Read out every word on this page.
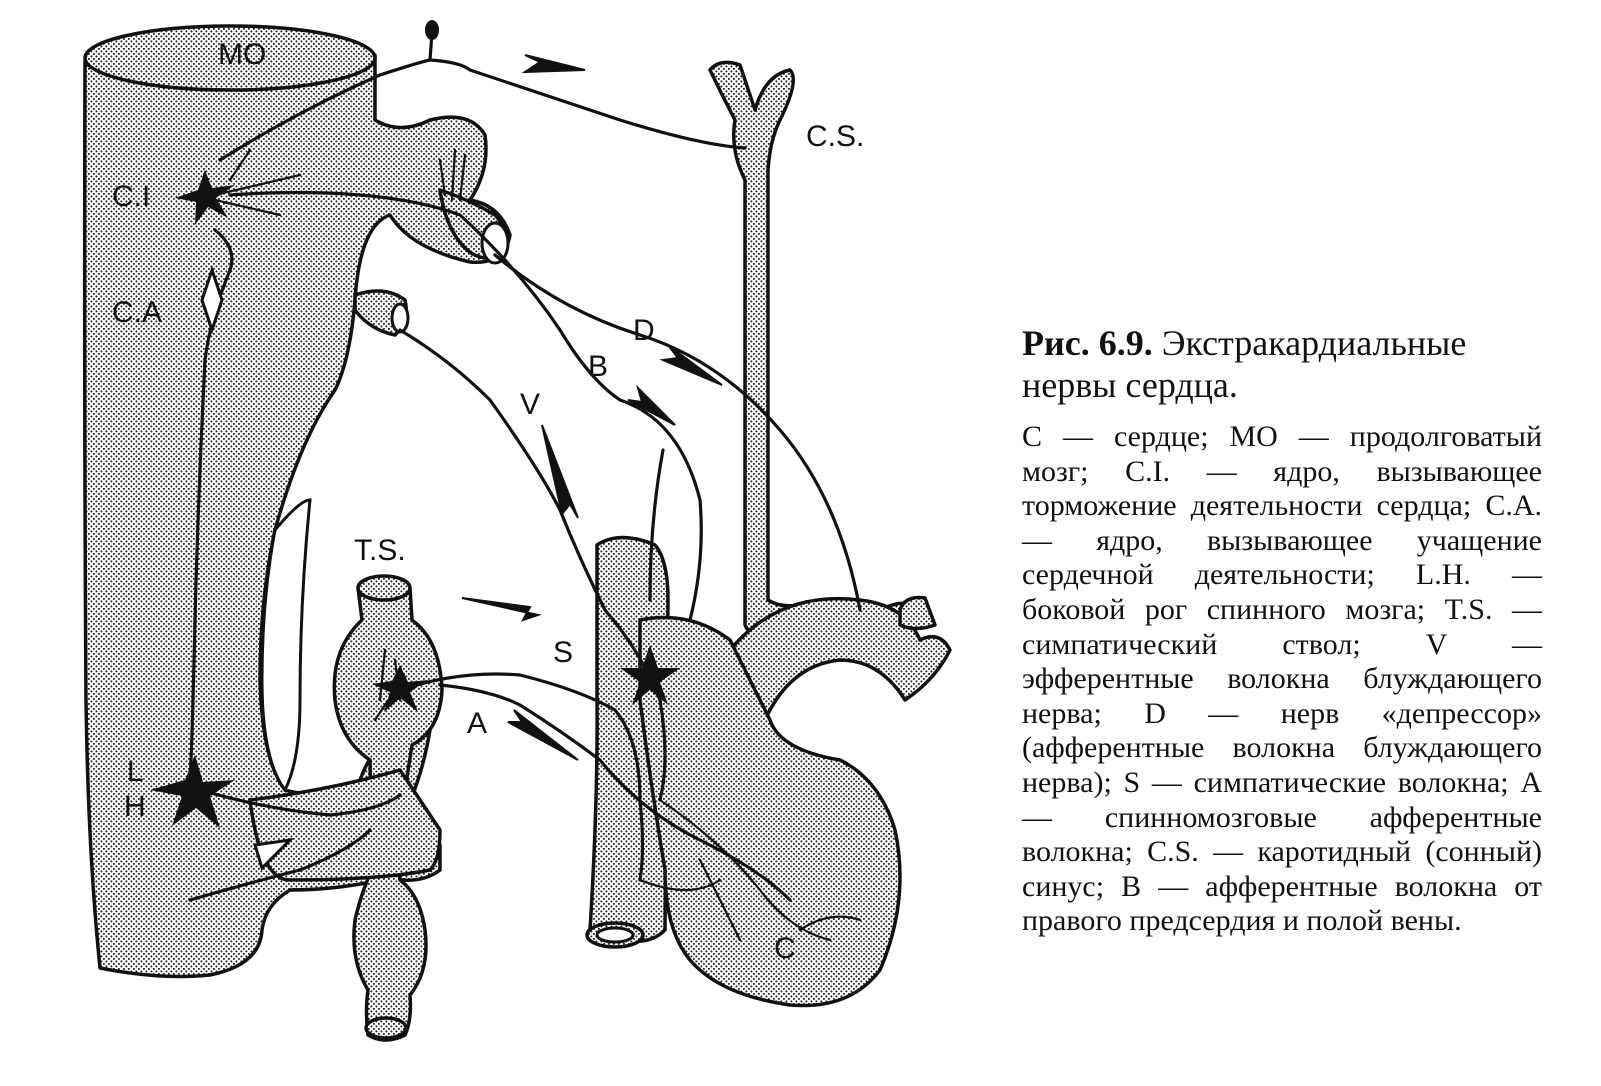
MO
C.I
C.A
L
H
T.S.
C.S.
D
B
V
S
A
C

Рис. 6.9. Экстракардиальные нервы сердца.

С — сердце; МО — продолговатый мозг; C.I. — ядро, вызывающее торможение деятельности сердца; С.А. — ядро, вызывающее учащение сердечной деятельности; L.H. — боковой рог спинного мозга; T.S. — симпатический ствол; V — эфферентные волокна блуждающего нерва; D — нерв «депрессор» (афферентные волокна блуждающего нерва); S — симпатические волокна; А — спинномозговые афферентные волокна; C.S. — каротидный (сонный) синус; В — афферентные волокна от правого предсердия и полой вены.
